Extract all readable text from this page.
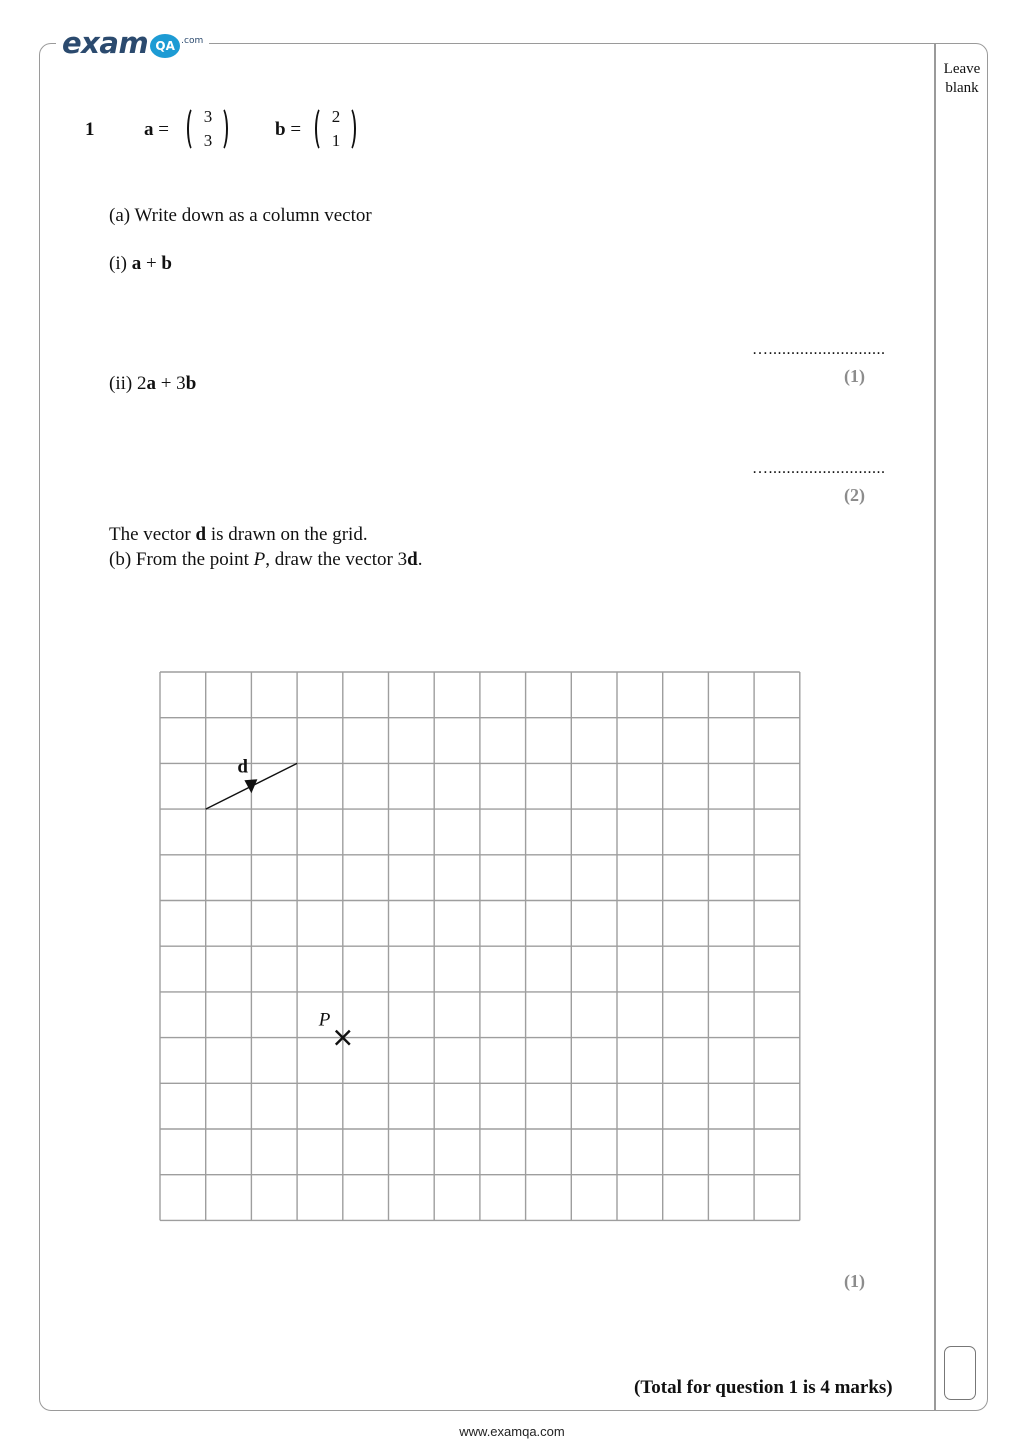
exam QA $^{.com}$
Leave
blank
1	a =
3
3
b =
2
1
(a) Write down as a column vector
(i) a + b
…..........................
(1)
(ii) 2a + 3b
…..........................
(2)
The vector d is drawn on the grid.
(b) From the point P, draw the vector 3d.
d
P
(1)
(Total for question 1 is 4 marks)
www.examqa.com
